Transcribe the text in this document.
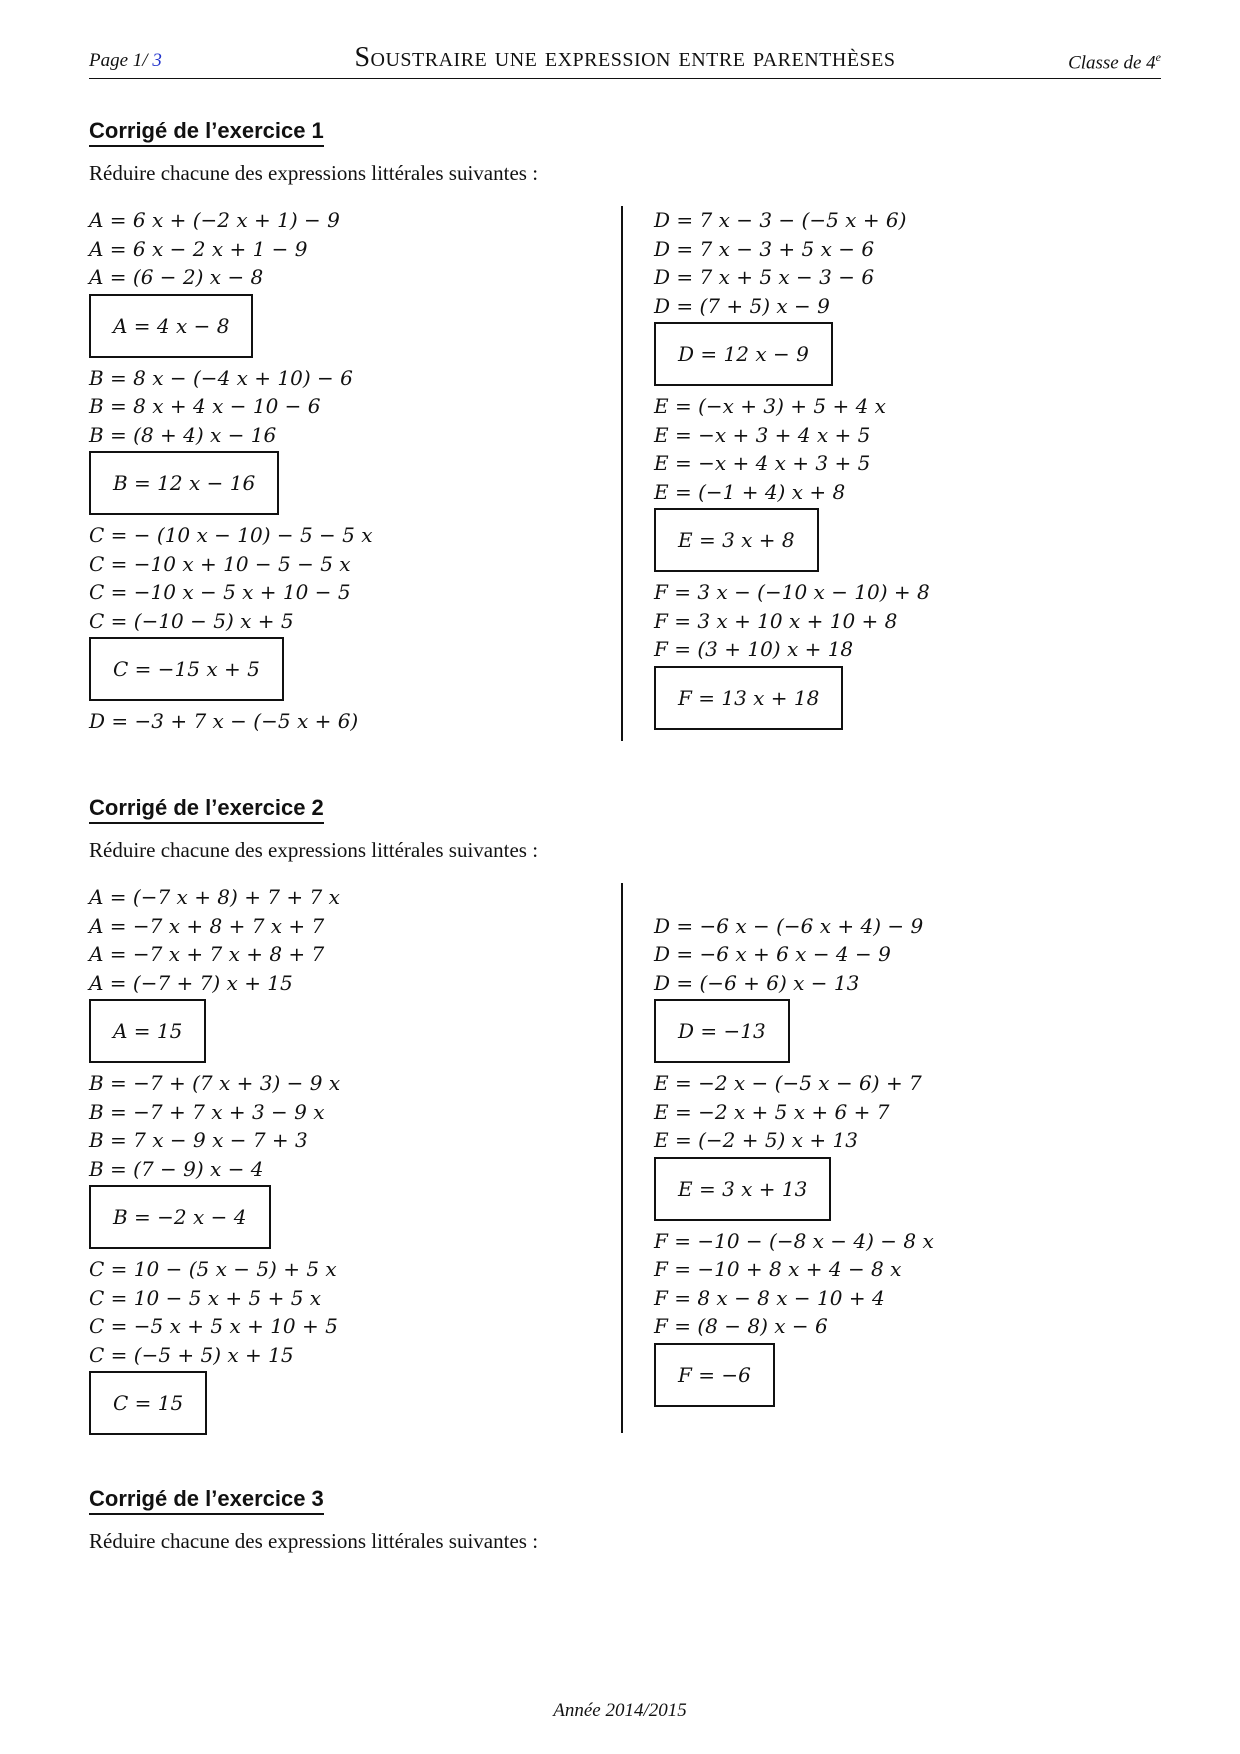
Page 1/ 3	Soustraire une expression entre parenthèses	Classe de 4e
Corrigé de l’exercice 1
Réduire chacune des expressions littérales suivantes :
A = 6 x + (−2 x + 1) − 9
A = 6 x − 2 x + 1 − 9
A = (6 − 2) x − 8
A = 4 x − 8
B = 8 x − (−4 x + 10) − 6
B = 8 x + 4 x − 10 − 6
B = (8 + 4) x − 16
B = 12 x − 16
C = − (10 x − 10) − 5 − 5 x
C = −10 x + 10 − 5 − 5 x
C = −10 x − 5 x + 10 − 5
C = (−10 − 5) x + 5
C = −15 x + 5
D = −3 + 7 x − (−5 x + 6)
D = 7 x − 3 − (−5 x + 6)
D = 7 x − 3 + 5 x − 6
D = 7 x + 5 x − 3 − 6
D = (7 + 5) x − 9
D = 12 x − 9
E = (−x + 3) + 5 + 4 x
E = −x + 3 + 4 x + 5
E = −x + 4 x + 3 + 5
E = (−1 + 4) x + 8
E = 3 x + 8
F = 3 x − (−10 x − 10) + 8
F = 3 x + 10 x + 10 + 8
F = (3 + 10) x + 18
F = 13 x + 18
Corrigé de l’exercice 2
Réduire chacune des expressions littérales suivantes :
A = (−7 x + 8) + 7 + 7 x
A = −7 x + 8 + 7 x + 7
A = −7 x + 7 x + 8 + 7
A = (−7 + 7) x + 15
A = 15
B = −7 + (7 x + 3) − 9 x
B = −7 + 7 x + 3 − 9 x
B = 7 x − 9 x − 7 + 3
B = (7 − 9) x − 4
B = −2 x − 4
C = 10 − (5 x − 5) + 5 x
C = 10 − 5 x + 5 + 5 x
C = −5 x + 5 x + 10 + 5
C = (−5 + 5) x + 15
C = 15
D = −6 x − (−6 x + 4) − 9
D = −6 x + 6 x − 4 − 9
D = (−6 + 6) x − 13
D = −13
E = −2 x − (−5 x − 6) + 7
E = −2 x + 5 x + 6 + 7
E = (−2 + 5) x + 13
E = 3 x + 13
F = −10 − (−8 x − 4) − 8 x
F = −10 + 8 x + 4 − 8 x
F = 8 x − 8 x − 10 + 4
F = (8 − 8) x − 6
F = −6
Corrigé de l’exercice 3
Réduire chacune des expressions littérales suivantes :
Année 2014/2015
